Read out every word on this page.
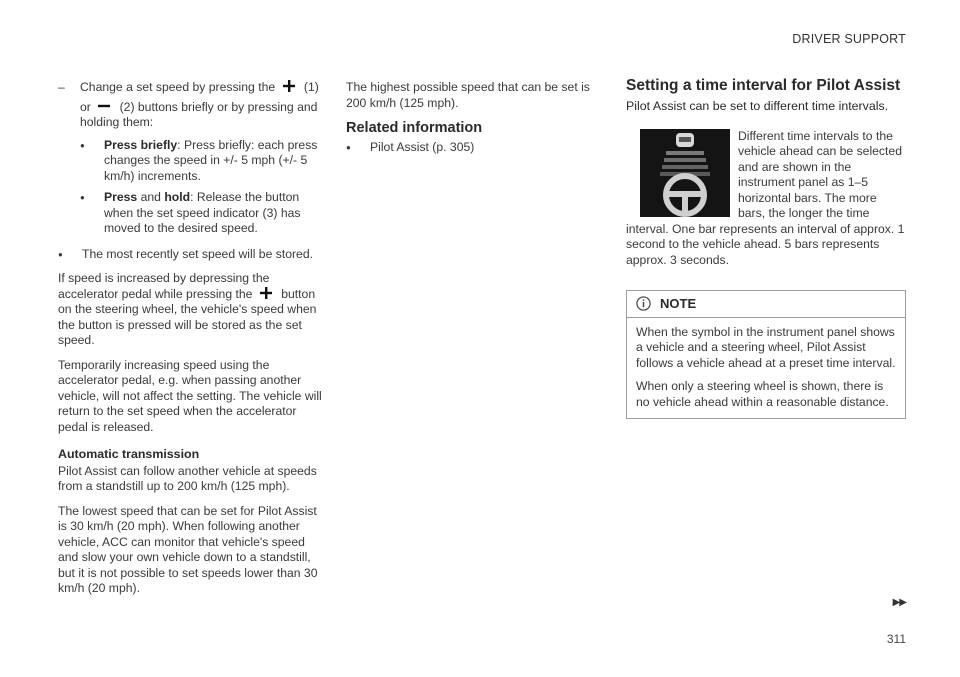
DRIVER SUPPORT
–	Change a set speed by pressing the (1)
or (2) buttons briefly or by pressing and holding them:
●	Press briefly: Press briefly: each press changes the speed in +/- 5 mph (+/- 5 km/h) increments.
●	Press and hold: Release the button when the set speed indicator (3) has moved to the desired speed.
●	The most recently set speed will be stored.

If speed is increased by depressing the accelerator pedal while pressing the button on the steering wheel, the vehicle's speed when the button is pressed will be stored as the set speed.

Temporarily increasing speed using the accelerator pedal, e.g. when passing another vehicle, will not affect the setting. The vehicle will return to the set speed when the accelerator pedal is released.

Automatic transmission

Pilot Assist can follow another vehicle at speeds from a standstill up to 200 km/h (125 mph).

The lowest speed that can be set for Pilot Assist is 30 km/h (20 mph). When following another vehicle, ACC can monitor that vehicle's speed and slow your own vehicle down to a standstill, but it is not possible to set speeds lower than 30 km/h (20 mph).

The highest possible speed that can be set is 200 km/h (125 mph).

Related information
●	Pilot Assist (p. 305)
Setting a time interval for Pilot Assist
Pilot Assist can be set to different time intervals.
Different time intervals to the vehicle ahead can be selected and are shown in the instrument panel as 1–5 horizontal bars. The more bars, the longer the time interval. One bar represents an interval of approx. 1 second to the vehicle ahead. 5 bars represents approx. 3 seconds.
NOTE

When the symbol in the instrument panel shows a vehicle and a steering wheel, Pilot Assist follows a vehicle ahead at a preset time interval.

When only a steering wheel is shown, there is no vehicle ahead within a reasonable distance.

▶▶
311
